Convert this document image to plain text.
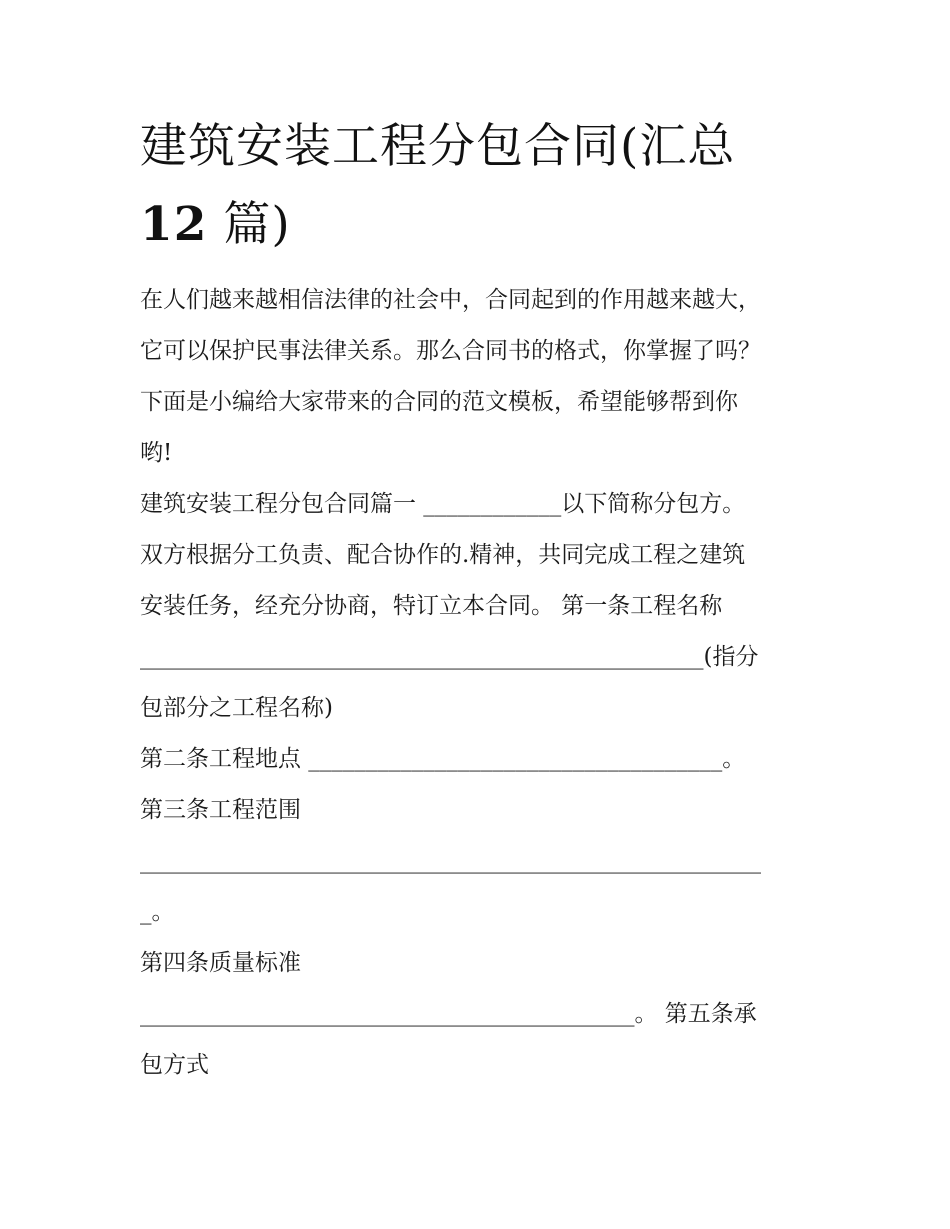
建筑安装工程分包合同(汇总
12 篇)

在人们越来越相信法律的社会中，合同起到的作用越来越大，

它可以保护民事法律关系。那么合同书的格式，你掌握了吗？

下面是小编给大家带来的合同的范文模板，希望能够帮到你

哟!

建筑安装工程分包合同篇一 ____________以下简称分包方。

双方根据分工负责、配合协作的.精神，共同完成工程之建筑

安装任务，经充分协商，特订立本合同。 第一条工程名称

_________________________________________________(指分

包部分之工程名称)

第二条工程地点 ____________________________________。

第三条工程范围

______________________________________________________

_。

第四条质量标准

___________________________________________。 第五条承

包方式
